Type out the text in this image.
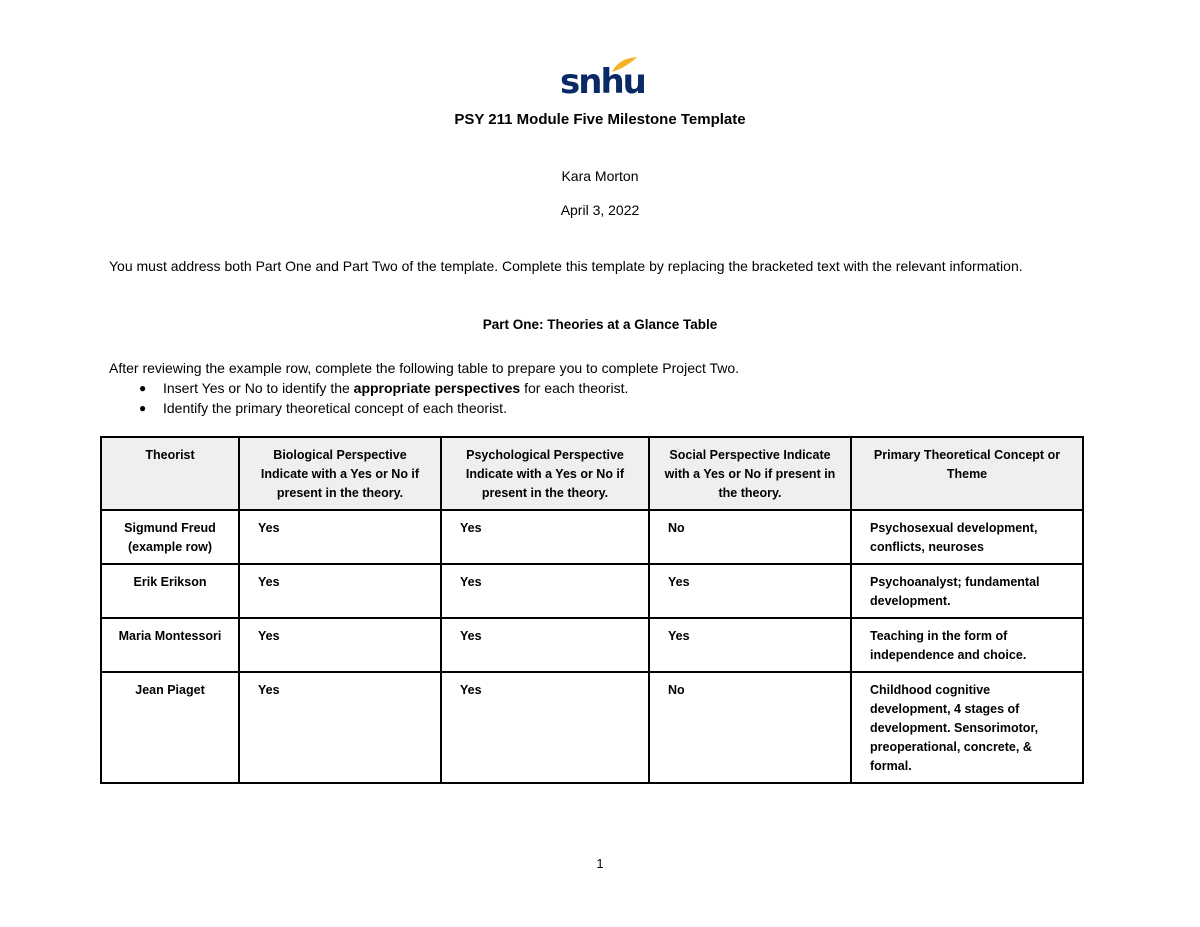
snhu
PSY 211 Module Five Milestone Template
Kara Morton
April 3, 2022
You must address both Part One and Part Two of the template. Complete this template by replacing the bracketed text with the relevant information.
Part One: Theories at a Glance Table
After reviewing the example row, complete the following table to prepare you to complete Project Two.
● Insert Yes or No to identify the appropriate perspectives for each theorist.
● Identify the primary theoretical concept of each theorist.
Theorist	Biological Perspective Indicate with a Yes or No if present in the theory.	Psychological Perspective Indicate with a Yes or No if present in the theory.	Social Perspective Indicate with a Yes or No if present in the theory.	Primary Theoretical Concept or Theme
Sigmund Freud (example row)	Yes	Yes	No	Psychosexual development, conflicts, neuroses
Erik Erikson	Yes	Yes	Yes	Psychoanalyst; fundamental development.
Maria Montessori	Yes	Yes	Yes	Teaching in the form of independence and choice.
Jean Piaget	Yes	Yes	No	Childhood cognitive development, 4 stages of development. Sensorimotor, preoperational, concrete, & formal.
1
